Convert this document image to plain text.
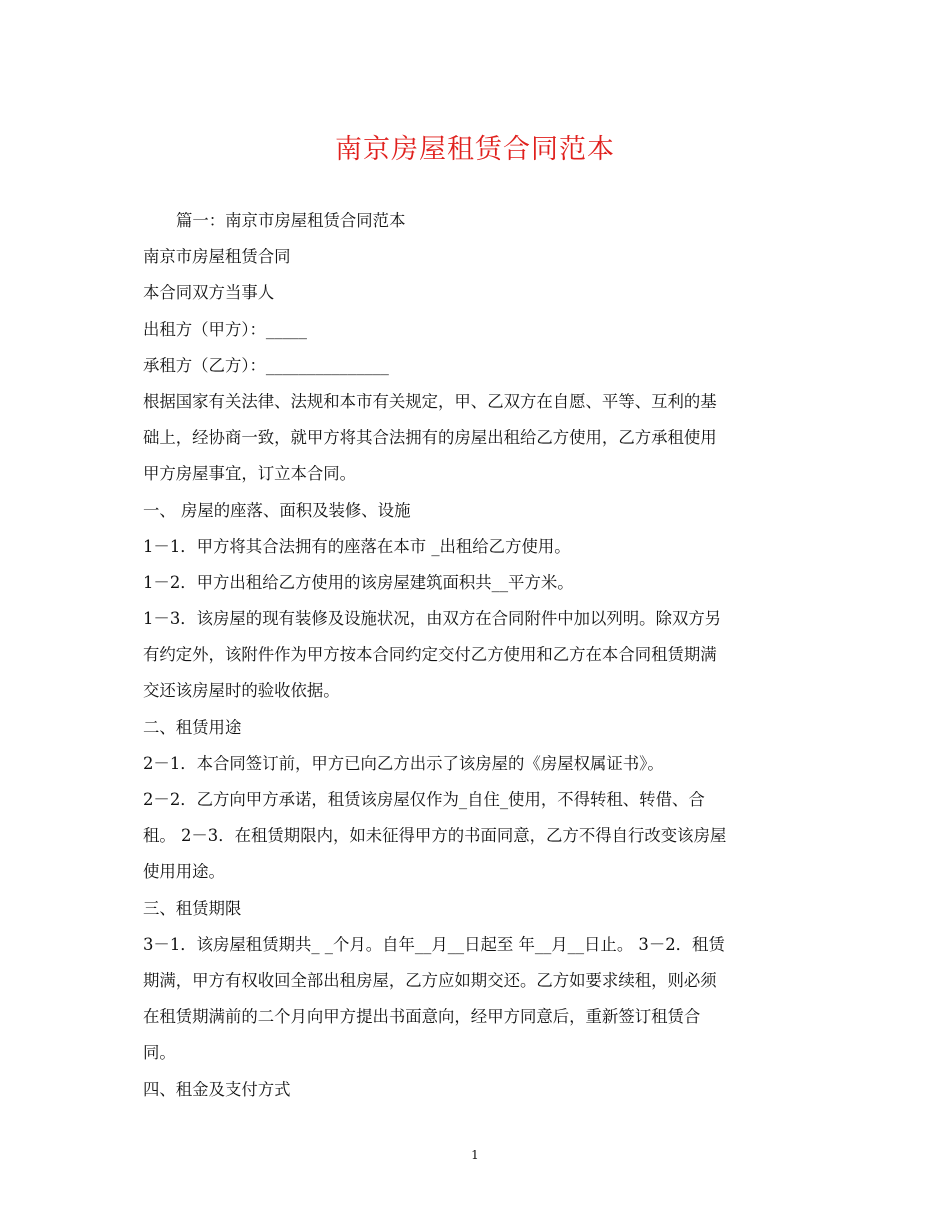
南京房屋租赁合同范本
篇一：南京市房屋租赁合同范本
南京市房屋租赁合同
本合同双方当事人
出租方（甲方）：_____
承租方（乙方）：_______________
根据国家有关法律、法规和本市有关规定，甲、乙双方在自愿、平等、互利的基
础上，经协商一致，就甲方将其合法拥有的房屋出租给乙方使用，乙方承租使用
甲方房屋事宜，订立本合同。
一、 房屋的座落、面积及装修、设施
1－1．甲方将其合法拥有的座落在本市 _出租给乙方使用。
1－2．甲方出租给乙方使用的该房屋建筑面积共__平方米。
1－3．该房屋的现有装修及设施状况，由双方在合同附件中加以列明。除双方另
有约定外，该附件作为甲方按本合同约定交付乙方使用和乙方在本合同租赁期满
交还该房屋时的验收依据。
二、租赁用途
2－1．本合同签订前，甲方已向乙方出示了该房屋的《房屋权属证书》。
2－2．乙方向甲方承诺，租赁该房屋仅作为_自住_使用，不得转租、转借、合
租。 2－3．在租赁期限内，如未征得甲方的书面同意，乙方不得自行改变该房屋
使用用途。
三、租赁期限
3－1．该房屋租赁期共_ _个月。自年__月__日起至 年__月__日止。 3－2．租赁
期满，甲方有权收回全部出租房屋，乙方应如期交还。乙方如要求续租，则必须
在租赁期满前的二个月向甲方提出书面意向，经甲方同意后，重新签订租赁合
同。
四、租金及支付方式
1
